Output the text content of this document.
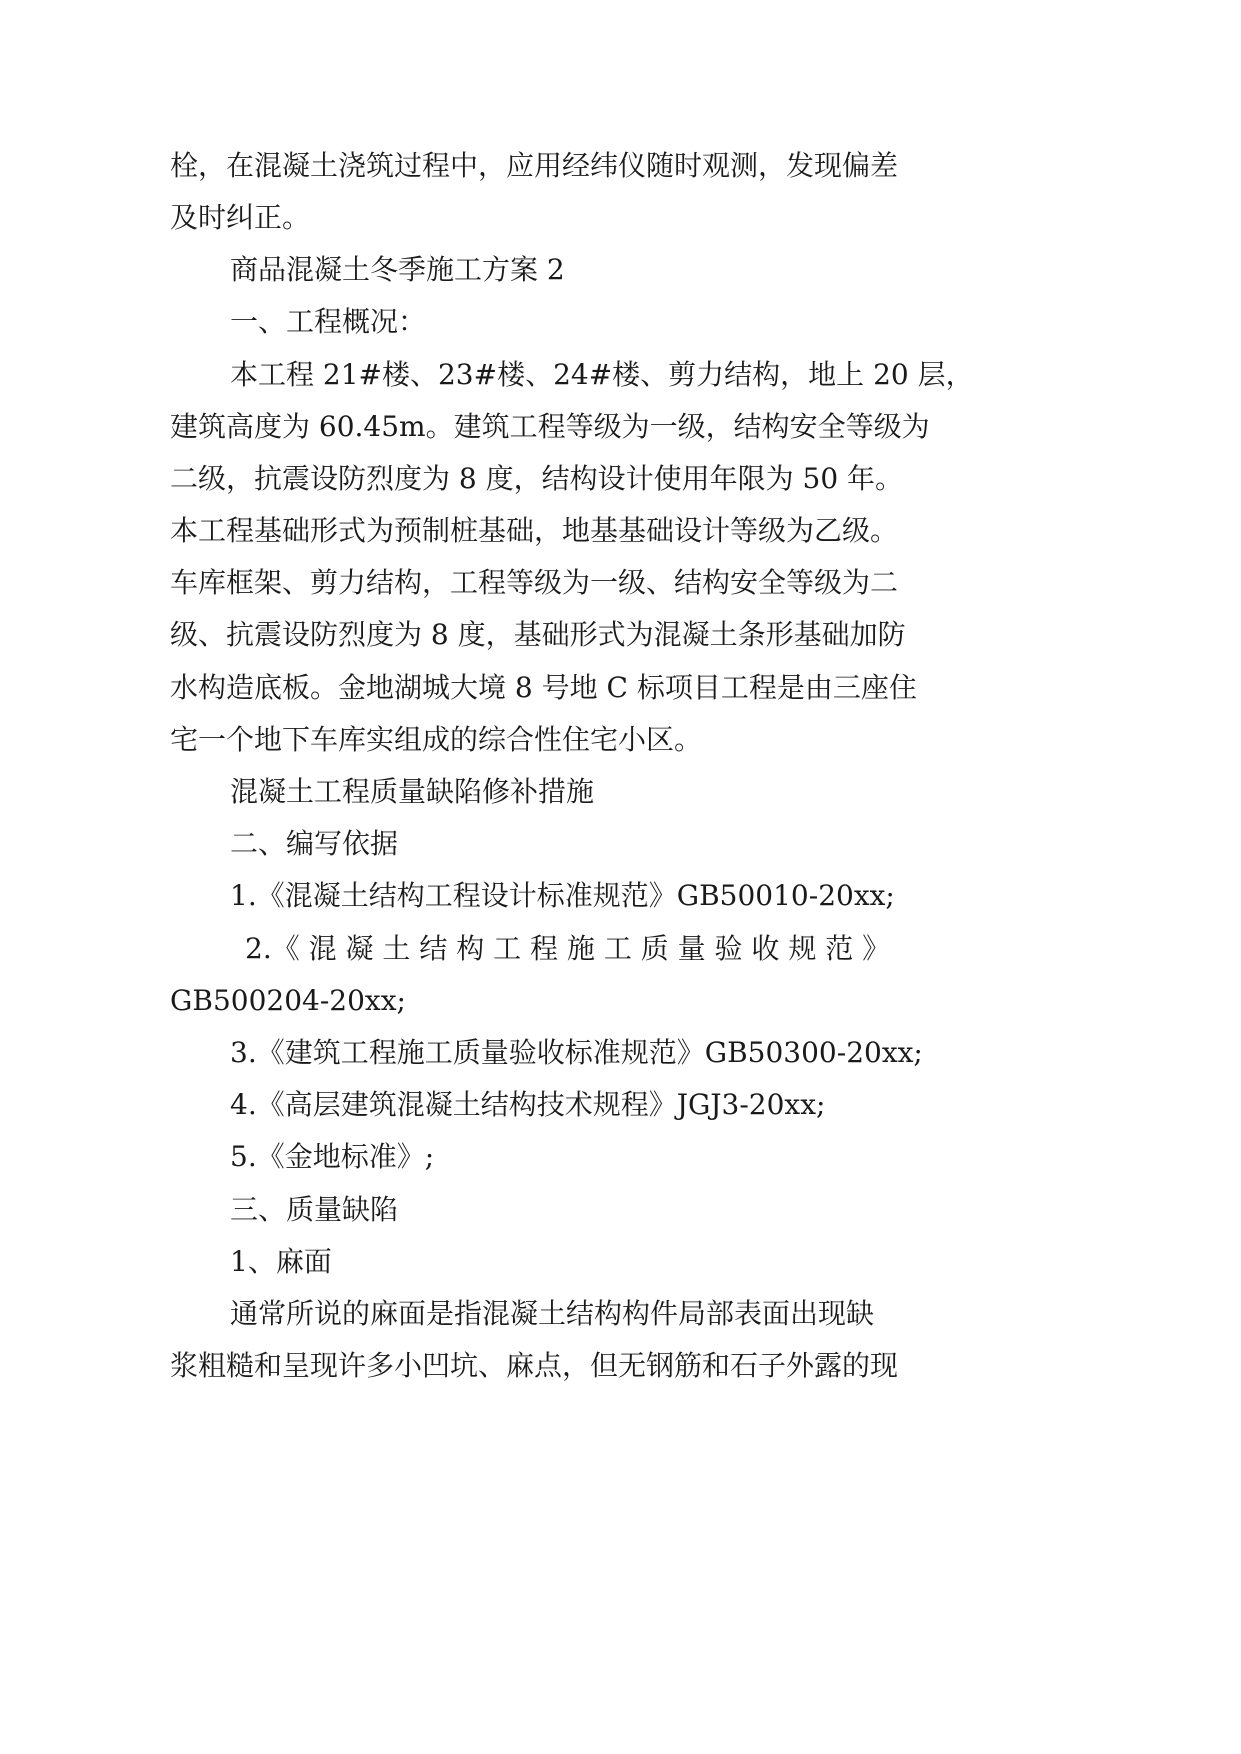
栓，在混凝土浇筑过程中，应用经纬仪随时观测，发现偏差
及时纠正。
商品混凝土冬季施工方案 2
一、工程概况：
本工程 21#楼、23#楼、24#楼、剪力结构，地上 20 层，
建筑高度为 60.45m。建筑工程等级为一级，结构安全等级为
二级，抗震设防烈度为 8 度，结构设计使用年限为 50 年。
本工程基础形式为预制桩基础，地基基础设计等级为乙级。
车库框架、剪力结构，工程等级为一级、结构安全等级为二
级、抗震设防烈度为 8 度，基础形式为混凝土条形基础加防
水构造底板。金地湖城大境 8 号地 C 标项目工程是由三座住
宅一个地下车库实组成的综合性住宅小区。
混凝土工程质量缺陷修补措施
二、编写依据
1.《混凝土结构工程设计标准规范》GB50010-20xx;
2.《 混 凝 土 结 构 工 程 施 工 质 量 验 收 规 范 》
GB500204-20xx;
3.《建筑工程施工质量验收标准规范》GB50300-20xx;
4.《高层建筑混凝土结构技术规程》JGJ3-20xx;
5.《金地标准》;
三、质量缺陷
1、麻面
通常所说的麻面是指混凝土结构构件局部表面出现缺
浆粗糙和呈现许多小凹坑、麻点，但无钢筋和石子外露的现
